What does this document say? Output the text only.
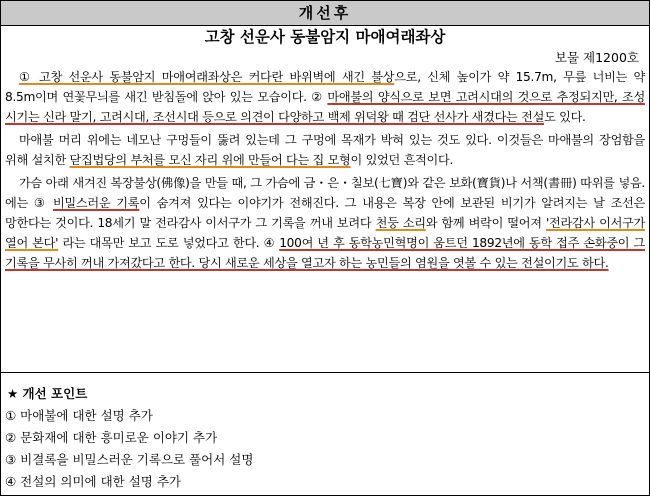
개선후
고창 선운사 동불암지 마애여래좌상
보물 제1200호

① 고창 선운사 동불암지 마애여래좌상은 커다란 바위벽에 새긴 불상으로, 신체 높이가 약 15.7m, 무릎 너비는 약 8.5m이며 연꽃무늬를 새긴 받침돌에 앉아 있는 모습이다. ② 마애불의 양식으로 보면 고려시대의 것으로 추정되지만, 조성 시기는 신라 말기, 고려시대, 조선시대 등으로 의견이 다양하고 백제 위덕왕 때 검단 선사가 새겼다는 전설도 있다.

마애불 머리 위에는 네모난 구멍들이 뚫려 있는데 그 구멍에 목재가 박혀 있는 것도 있다. 이것들은 마애불의 장엄함을 위해 설치한 닫집법당의 부처를 모신 자리 위에 만들어 다는 집 모형이 있었던 흔적이다.

가슴 아래 새겨진 복장불상(佛像)을 만들 때, 그 가슴에 금・은・칠보(七寶)와 같은 보화(寶貨)나 서책(書冊) 따위를 넣음.에는 ③ 비밀스러운 기록이 숨겨져 있다는 이야기가 전해진다. 그 내용은 복장 안에 보관된 비기가 알려지는 날 조선은 망한다는 것이다. 18세기 말 전라감사 이서구가 그 기록을 꺼내 보려다 천둥 소리와 함께 벼락이 떨어져 '전라감사 이서구가 열어 본다' 라는 대목만 보고 도로 넣었다고 한다. ④ 100여 년 후 동학농민혁명이 움트던 1892년에 동학 접주 손화중이 그 기록을 무사히 꺼내 가져갔다고 한다. 당시 새로운 세상을 열고자 하는 농민들의 염원을 엿볼 수 있는 전설이기도 하다.

★ 개선 포인트
① 마애불에 대한 설명 추가
② 문화재에 대한 흥미로운 이야기 추가
③ 비결록을 비밀스러운 기록으로 풀어서 설명
④ 전설의 의미에 대한 설명 추가
